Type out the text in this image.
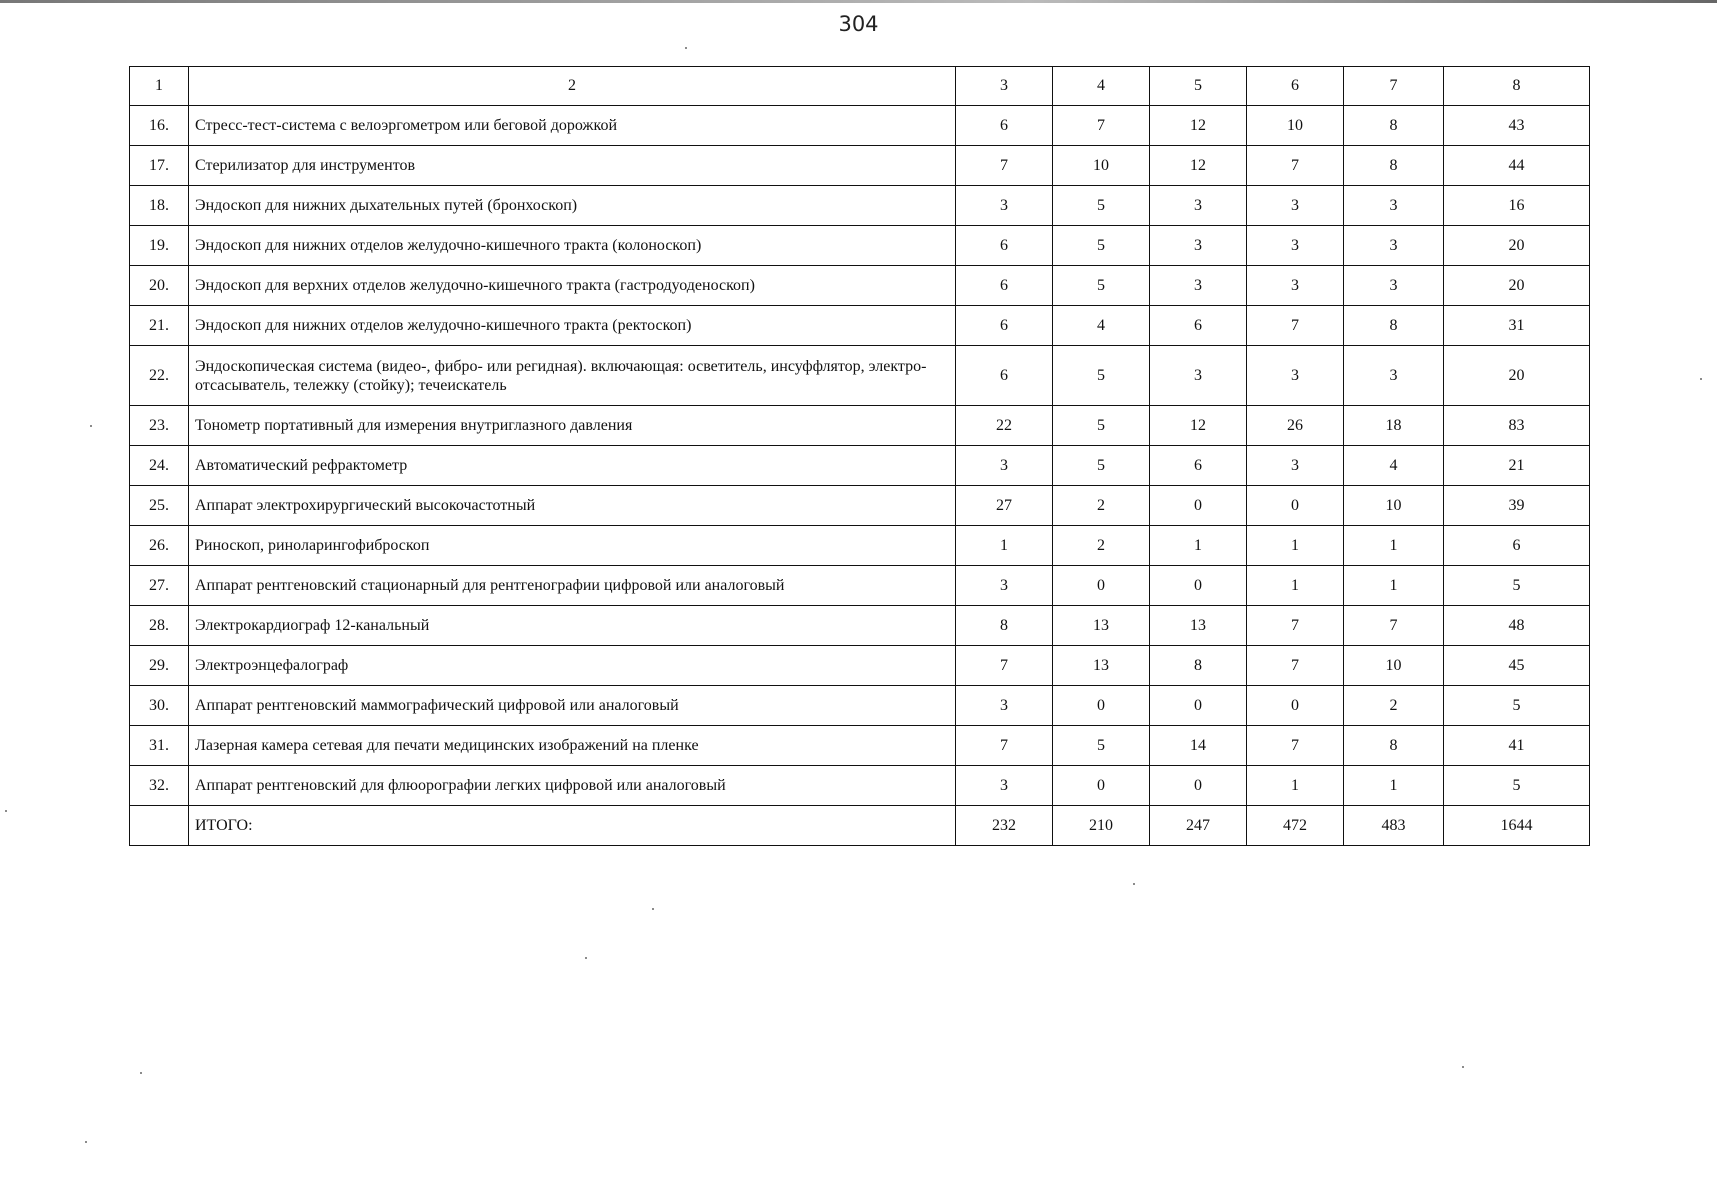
304
1	2	3	4	5	6	7	8
16.	Стресс-тест-система с велоэргометром или беговой дорожкой	6	7	12	10	8	43
17.	Стерилизатор для инструментов	7	10	12	7	8	44
18.	Эндоскоп для нижних дыхательных путей (бронхоскоп)	3	5	3	3	3	16
19.	Эндоскоп для нижних отделов желудочно-кишечного тракта (колоноскоп)	6	5	3	3	3	20
20.	Эндоскоп для верхних отделов желудочно-кишечного тракта (гастродуоденоскоп)	6	5	3	3	3	20
21.	Эндоскоп для нижних отделов желудочно-кишечного тракта (ректоскоп)	6	4	6	7	8	31
22.	Эндоскопическая система (видео-, фибро- или регидная). включающая: осветитель, инсуффлятор, электро-отсасыватель, тележку (стойку); течеискатель	6	5	3	3	3	20
23.	Тонометр портативный для измерения внутриглазного давления	22	5	12	26	18	83
24.	Автоматический рефрактометр	3	5	6	3	4	21
25.	Аппарат электрохирургический высокочастотный	27	2	0	0	10	39
26.	Риноскоп, риноларингофиброскоп	1	2	1	1	1	6
27.	Аппарат рентгеновский стационарный для рентгенографии цифровой или аналоговый	3	0	0	1	1	5
28.	Электрокардиограф 12-канальный	8	13	13	7	7	48
29.	Электроэнцефалограф	7	13	8	7	10	45
30.	Аппарат рентгеновский маммографический цифровой или аналоговый	3	0	0	0	2	5
31.	Лазерная камера сетевая для печати медицинских изображений на пленке	7	5	14	7	8	41
32.	Аппарат рентгеновский для флюорографии легких цифровой или аналоговый	3	0	0	1	1	5
	ИТОГО:	232	210	247	472	483	1644
